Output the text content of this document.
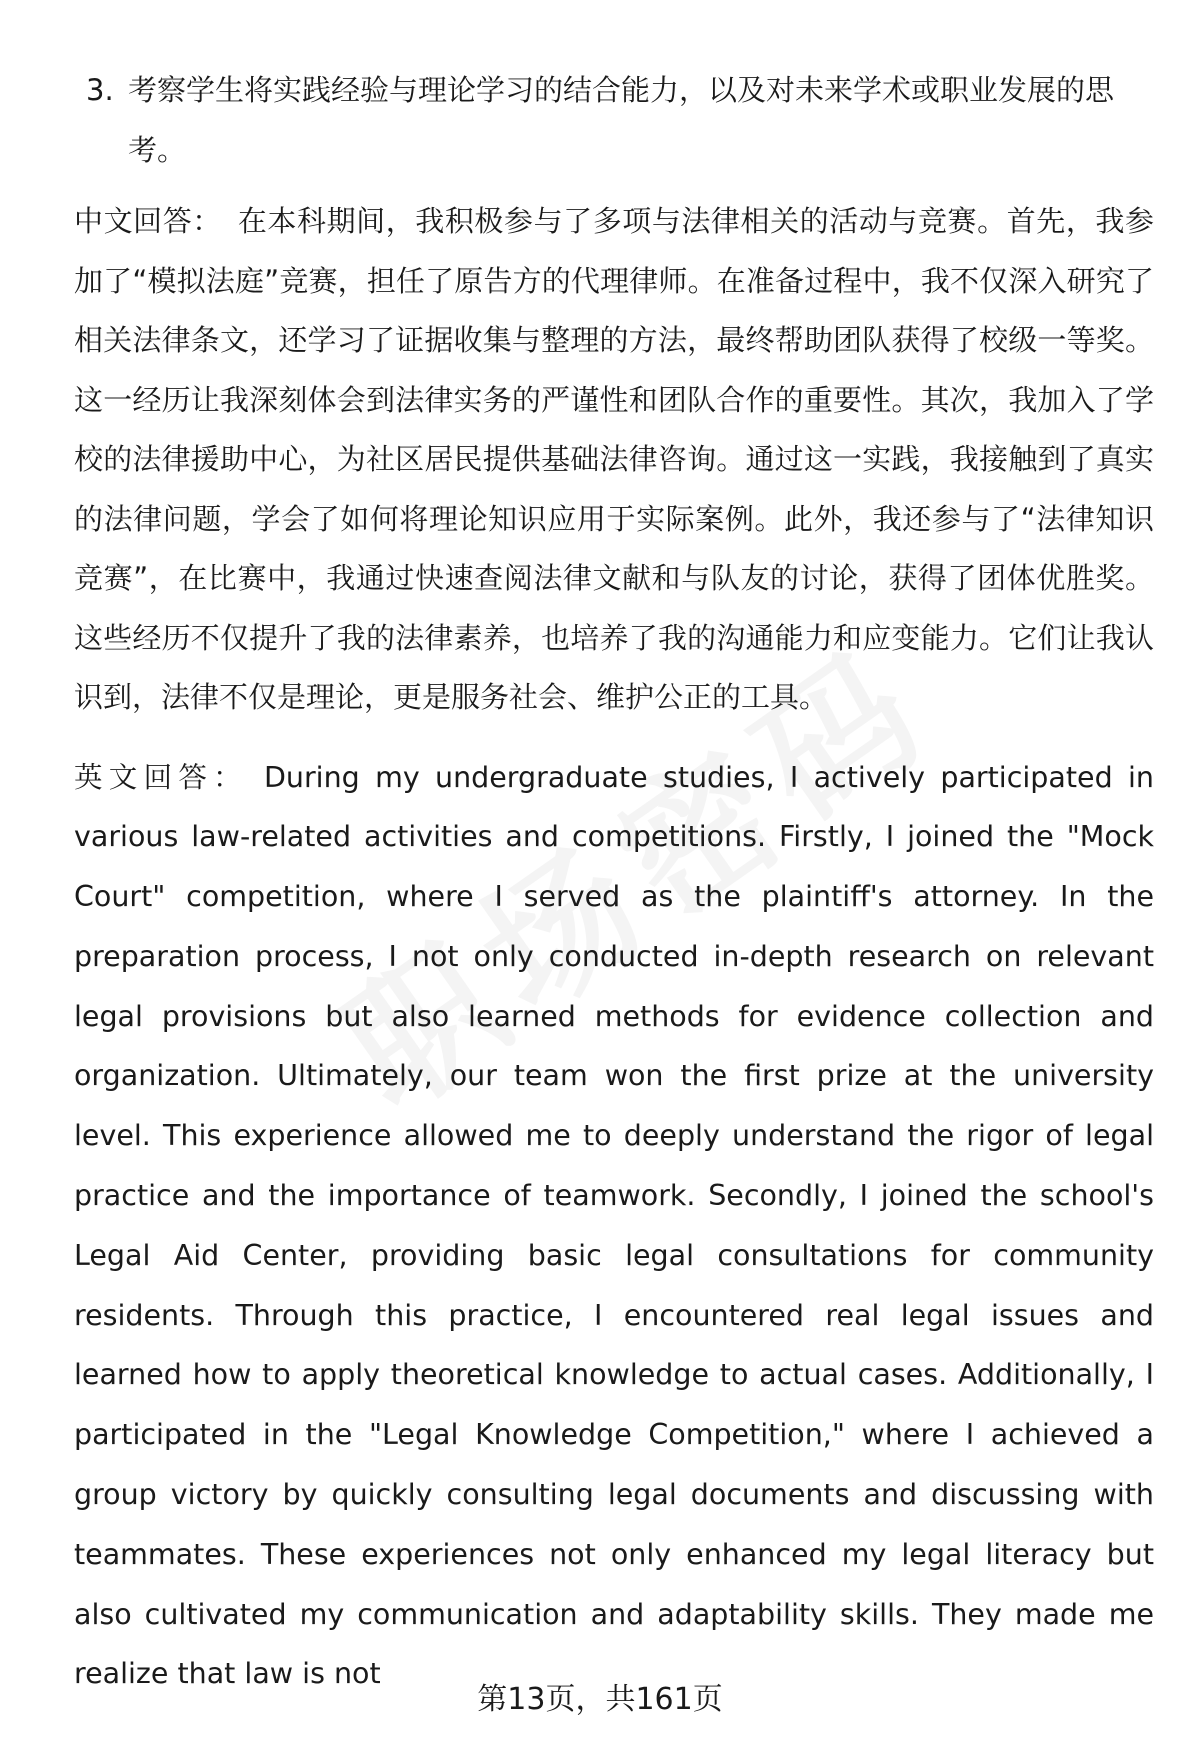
3. 考察学生将实践经验与理论学习的结合能力，以及对未来学术或职业发展的思考。

中文回答： 在本科期间，我积极参与了多项与法律相关的活动与竞赛。首先，我参加了“模拟法庭”竞赛，担任了原告方的代理律师。在准备过程中，我不仅深入研究了相关法律条文，还学习了证据收集与整理的方法，最终帮助团队获得了校级一等奖。这一经历让我深刻体会到法律实务的严谨性和团队合作的重要性。其次，我加入了学校的法律援助中心，为社区居民提供基础法律咨询。通过这一实践，我接触到了真实的法律问题，学会了如何将理论知识应用于实际案例。此外，我还参与了“法律知识竞赛”，在比赛中，我通过快速查阅法律文献和与队友的讨论，获得了团体优胜奖。这些经历不仅提升了我的法律素养，也培养了我的沟通能力和应变能力。它们让我认识到，法律不仅是理论，更是服务社会、维护公正的工具。

英文回答： During my undergraduate studies, I actively participated in various law-related activities and competitions. Firstly, I joined the "Mock Court" competition, where I served as the plaintiff's attorney. In the preparation process, I not only conducted in-depth research on relevant legal provisions but also learned methods for evidence collection and organization. Ultimately, our team won the first prize at the university level. This experience allowed me to deeply understand the rigor of legal practice and the importance of teamwork. Secondly, I joined the school's Legal Aid Center, providing basic legal consultations for community residents. Through this practice, I encountered real legal issues and learned how to apply theoretical knowledge to actual cases. Additionally, I participated in the "Legal Knowledge Competition," where I achieved a group victory by quickly consulting legal documents and discussing with teammates. These experiences not only enhanced my legal literacy but also cultivated my communication and adaptability skills. They made me realize that law is not

第13页，共161页
